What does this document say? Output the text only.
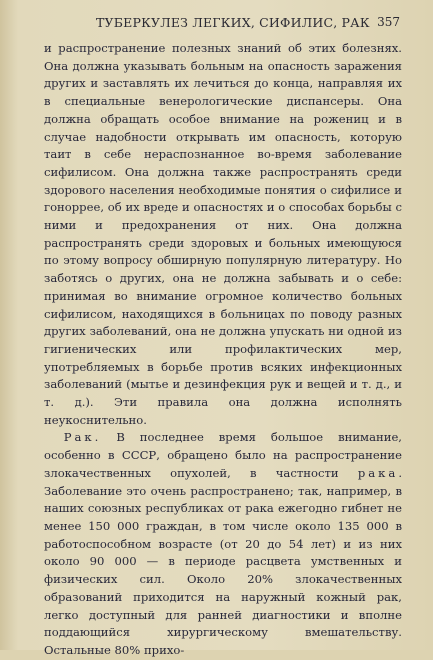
ТУБЕРКУЛЕЗ ЛЕГКИХ, СИФИЛИС, РАК 357

и распространение полезных знаний об этих болезнях. Она должна указывать больным на опасность заражения других и заставлять их лечиться до конца, направляя их в специальные венерологические диспансеры. Она должна обращать особое внимание на рожениц и в случае надобности открывать им опасность, которую таит в себе нераспознанное во-время заболевание сифилисом. Она должна также распространять среди здорового населения необходимые понятия о сифилисе и гоноррее, об их вреде и опасностях и о способах борьбы с ними и предохранения от них. Она должна распространять среди здоровых и больных имеющуюся по этому вопросу обширную популярную литературу. Но заботясь о других, она не должна забывать и о себе: принимая во внимание огромное количество больных сифилисом, находящихся в больницах по поводу разных других заболеваний, она не должна упускать ни одной из гигиенических или профилактических мер, употребляемых в борьбе против всяких инфекционных заболеваний (мытье и дезинфекция рук и вещей и т. д., и т. д.). Эти правила она должна исполнять неукоснительно.

Рак. В последнее время большое внимание, особенно в СССР, обращено было на распространение злокачественных опухолей, в частности рака. Заболевание это очень распространено; так, например, в наших союзных республиках от рака ежегодно гибнет не менее 150 000 граждан, в том числе около 135 000 в работоспособном возрасте (от 20 до 54 лет) и из них около 90 000 — в периоде расцвета умственных и физических сил. Около 20% злокачественных образований приходится на наружный кожный рак, легко доступный для ранней диагностики и вполне поддающийся хирургическому вмешательству. Остальные 80% прихо-
